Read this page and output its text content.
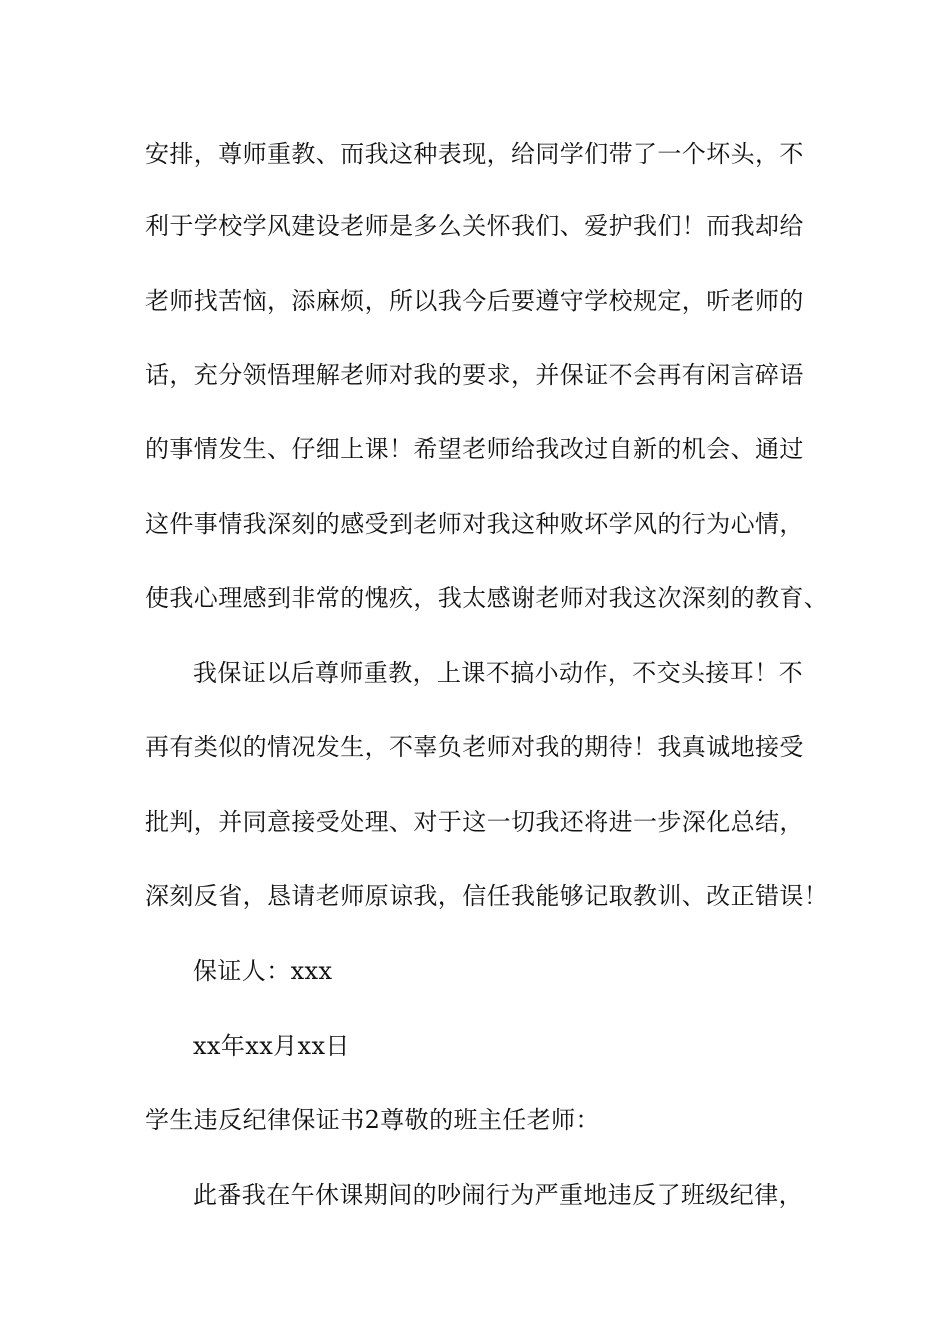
安排，尊师重教、而我这种表现，给同学们带了一个坏头，不
利于学校学风建设老师是多么关怀我们、爱护我们！而我却给
老师找苦恼，添麻烦，所以我今后要遵守学校规定，听老师的
话，充分领悟理解老师对我的要求，并保证不会再有闲言碎语
的事情发生、仔细上课！希望老师给我改过自新的机会、通过
这件事情我深刻的感受到老师对我这种败坏学风的行为心情，
使我心理感到非常的愧疚，我太感谢老师对我这次深刻的教育、
我保证以后尊师重教，上课不搞小动作，不交头接耳！不
再有类似的情况发生，不辜负老师对我的期待！我真诚地接受
批判，并同意接受处理、对于这一切我还将进一步深化总结，
深刻反省，恳请老师原谅我，信任我能够记取教训、改正错误！
保证人：xxx
xx年xx月xx日
学生违反纪律保证书2尊敬的班主任老师：
此番我在午休课期间的吵闹行为严重地违反了班级纪律，
